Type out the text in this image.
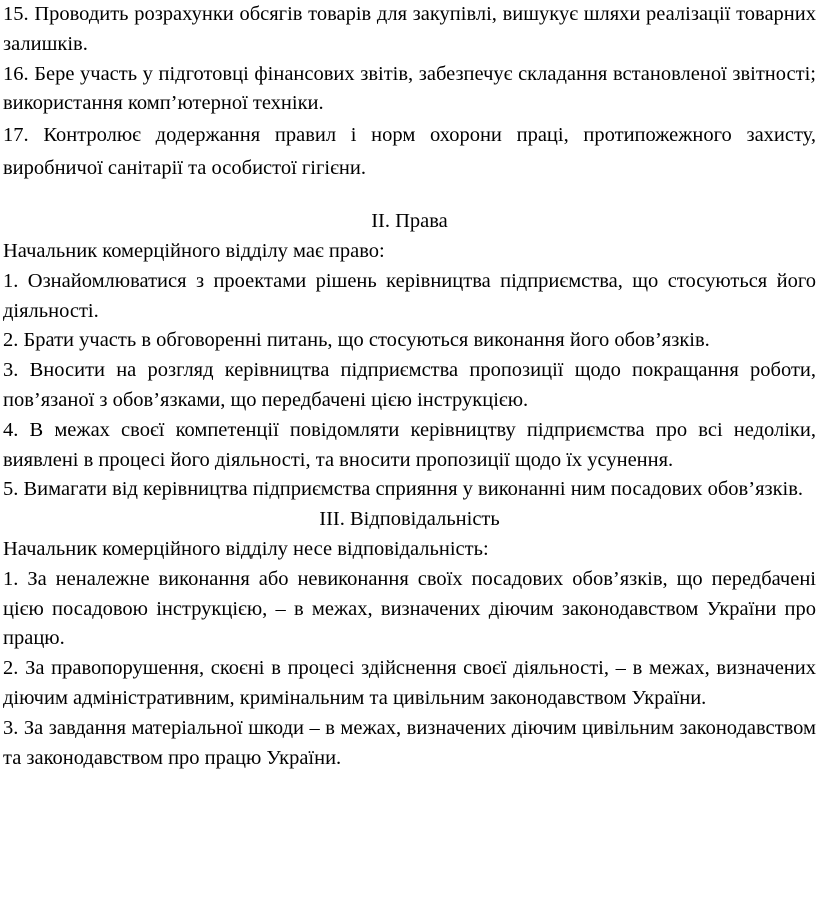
15. Проводить розрахунки обсягів товарів для закупівлі, вишукує шляхи реалізації товарних залишків.

16. Бере участь у підготовці фінансових звітів, забезпечує складання встановленої звітності; використання комп’ютерної техніки.

17. Контролює додержання правил і норм охорони праці, протипожежного захисту, виробничої санітарії та особистої гігієни.

ІІ. Права

Начальник комерційного відділу має право:

1. Ознайомлюватися з проектами рішень керівництва підприємства, що стосуються його діяльності.

2. Брати участь в обговоренні питань, що стосуються виконання його обов’язків.

3. Вносити на розгляд керівництва підприємства пропозиції щодо покращання роботи, пов’язаної з обов’язками, що передбачені цією інструкцією.

4. В межах своєї компетенції повідомляти керівництву підприємства про всі недоліки, виявлені в процесі його діяльності, та вносити пропозиції щодо їх усунення.

5. Вимагати від керівництва підприємства сприяння у виконанні ним посадових обов’язків.

ІІІ. Відповідальність

Начальник комерційного відділу несе відповідальність:

1. За неналежне виконання або невиконання своїх посадових обов’язків, що передбачені цією посадовою інструкцією, – в межах, визначених діючим законодавством України про працю.

2. За правопорушення, скоєні в процесі здійснення своєї діяльності, – в межах, визначених діючим адміністративним, кримінальним та цивільним законодавством України.

3. За завдання матеріальної шкоди – в межах, визначених діючим цивільним законодавством та законодавством про працю України.
